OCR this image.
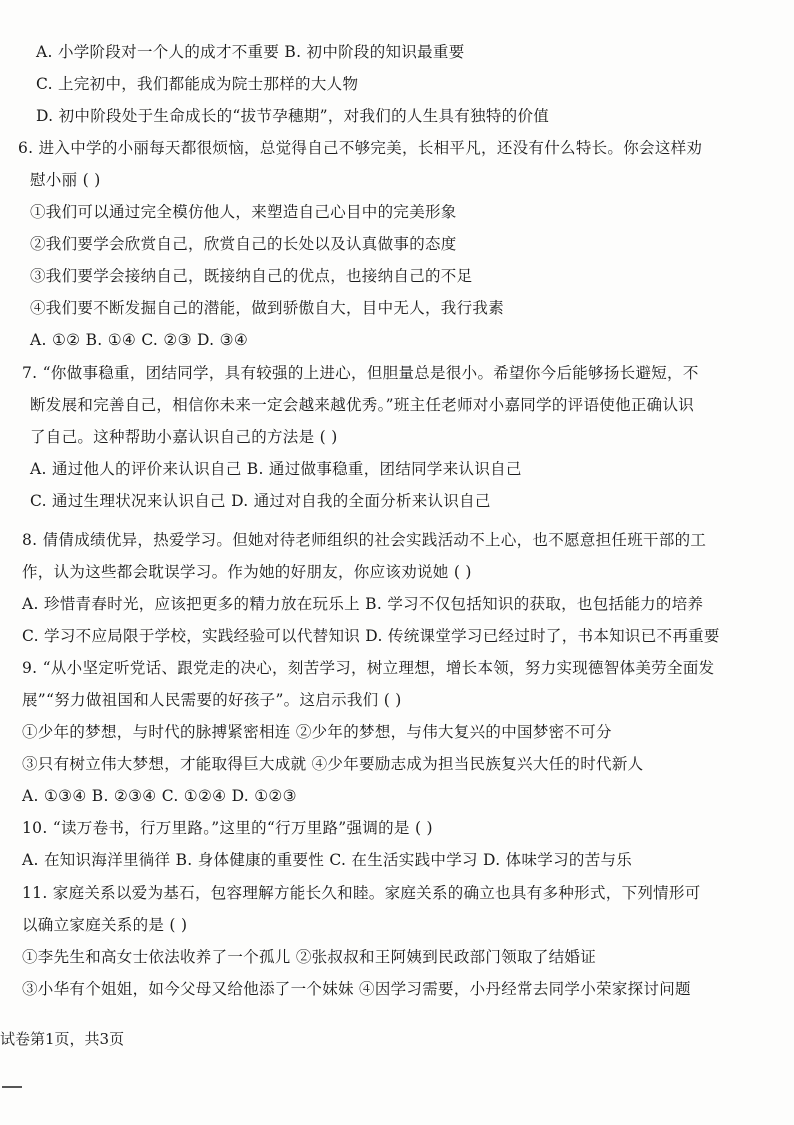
A. 小学阶段对一个人的成才不重要 B. 初中阶段的知识最重要
C. 上完初中，我们都能成为院士那样的大人物
D. 初中阶段处于生命成长的“拔节孕穗期”，对我们的人生具有独特的价值
6. 进入中学的小丽每天都很烦恼，总觉得自己不够完美，长相平凡，还没有什么特长。你会这样劝
慰小丽 ( )
①我们可以通过完全模仿他人，来塑造自己心目中的完美形象
②我们要学会欣赏自己，欣赏自己的长处以及认真做事的态度
③我们要学会接纳自己，既接纳自己的优点，也接纳自己的不足
④我们要不断发掘自己的潜能，做到骄傲自大，目中无人，我行我素
A. ①② B. ①④ C. ②③ D. ③④
7. “你做事稳重，团结同学，具有较强的上进心，但胆量总是很小。希望你今后能够扬长避短，不
断发展和完善自己，相信你未来一定会越来越优秀。”班主任老师对小嘉同学的评语使他正确认识
了自己。这种帮助小嘉认识自己的方法是 ( )
A. 通过他人的评价来认识自己 B. 通过做事稳重，团结同学来认识自己
C. 通过生理状况来认识自己 D. 通过对自我的全面分析来认识自己
8. 倩倩成绩优异，热爱学习。但她对待老师组织的社会实践活动不上心，也不愿意担任班干部的工
作，认为这些都会耽误学习。作为她的好朋友，你应该劝说她 ( )
A. 珍惜青春时光，应该把更多的精力放在玩乐上 B. 学习不仅包括知识的获取，也包括能力的培养
C. 学习不应局限于学校，实践经验可以代替知识 D. 传统课堂学习已经过时了，书本知识已不再重要
9. “从小坚定听党话、跟党走的决心，刻苦学习，树立理想，增长本领，努力实现德智体美劳全面发
展”“努力做祖国和人民需要的好孩子”。这启示我们 ( )
①少年的梦想，与时代的脉搏紧密相连 ②少年的梦想，与伟大复兴的中国梦密不可分
③只有树立伟大梦想，才能取得巨大成就 ④少年要励志成为担当民族复兴大任的时代新人
A. ①③④ B. ②③④ C. ①②④ D. ①②③
10. “读万卷书，行万里路。”这里的“行万里路”强调的是 ( )
A. 在知识海洋里徜徉 B. 身体健康的重要性 C. 在生活实践中学习 D. 体味学习的苦与乐
11. 家庭关系以爱为基石，包容理解方能长久和睦。家庭关系的确立也具有多种形式，下列情形可
以确立家庭关系的是 ( )
①李先生和高女士依法收养了一个孤儿 ②张叔叔和王阿姨到民政部门领取了结婚证
③小华有个姐姐，如今父母又给他添了一个妹妹 ④因学习需要，小丹经常去同学小荣家探讨问题
试卷第1页，共3页
